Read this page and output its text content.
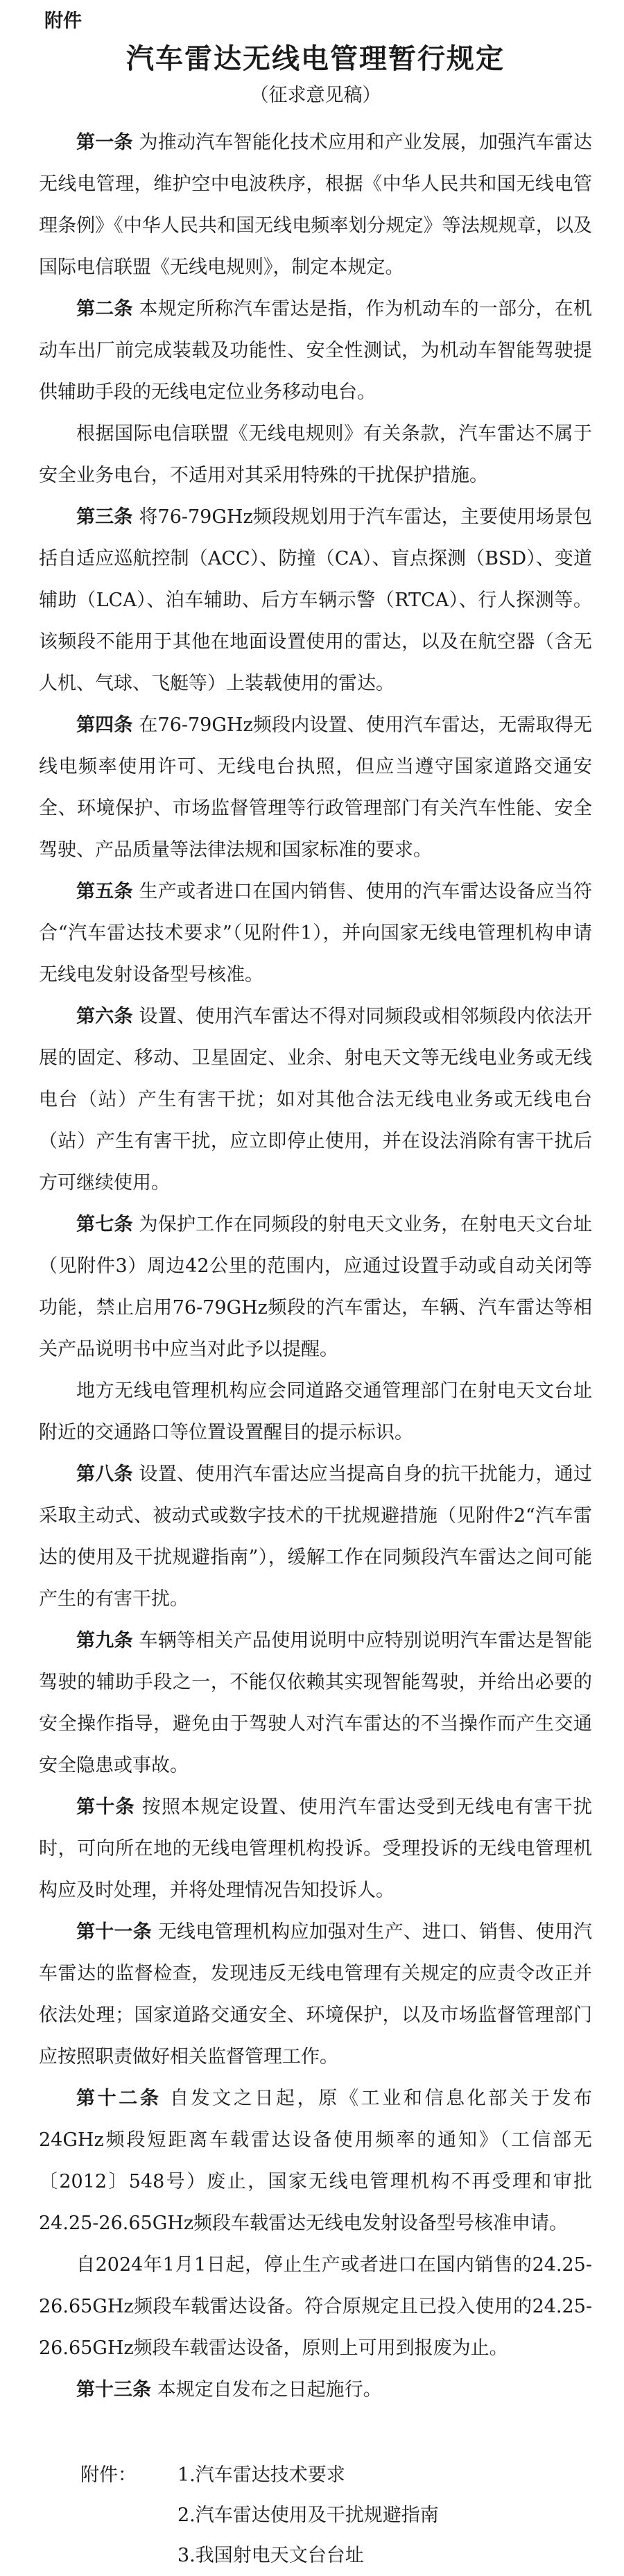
附件
汽车雷达无线电管理暂行规定
（征求意见稿）

第一条 为推动汽车智能化技术应用和产业发展，加强汽车雷达无线电管理，维护空中电波秩序，根据《中华人民共和国无线电管理条例》《中华人民共和国无线电频率划分规定》等法规规章，以及国际电信联盟《无线电规则》，制定本规定。

第二条 本规定所称汽车雷达是指，作为机动车的一部分，在机动车出厂前完成装载及功能性、安全性测试，为机动车智能驾驶提供辅助手段的无线电定位业务移动电台。

根据国际电信联盟《无线电规则》有关条款，汽车雷达不属于安全业务电台，不适用对其采用特殊的干扰保护措施。

第三条 将76-79GHz频段规划用于汽车雷达，主要使用场景包括自适应巡航控制（ACC）、防撞（CA）、盲点探测（BSD）、变道辅助（LCA）、泊车辅助、后方车辆示警（RTCA）、行人探测等。该频段不能用于其他在地面设置使用的雷达，以及在航空器（含无人机、气球、飞艇等）上装载使用的雷达。

第四条 在76-79GHz频段内设置、使用汽车雷达，无需取得无线电频率使用许可、无线电台执照，但应当遵守国家道路交通安全、环境保护、市场监督管理等行政管理部门有关汽车性能、安全驾驶、产品质量等法律法规和国家标准的要求。

第五条 生产或者进口在国内销售、使用的汽车雷达设备应当符合“汽车雷达技术要求”（见附件1），并向国家无线电管理机构申请无线电发射设备型号核准。

第六条 设置、使用汽车雷达不得对同频段或相邻频段内依法开展的固定、移动、卫星固定、业余、射电天文等无线电业务或无线电台（站）产生有害干扰；如对其他合法无线电业务或无线电台（站）产生有害干扰，应立即停止使用，并在设法消除有害干扰后方可继续使用。

第七条 为保护工作在同频段的射电天文业务，在射电天文台址（见附件3）周边42公里的范围内，应通过设置手动或自动关闭等功能，禁止启用76-79GHz频段的汽车雷达，车辆、汽车雷达等相关产品说明书中应当对此予以提醒。

地方无线电管理机构应会同道路交通管理部门在射电天文台址附近的交通路口等位置设置醒目的提示标识。

第八条 设置、使用汽车雷达应当提高自身的抗干扰能力，通过采取主动式、被动式或数字技术的干扰规避措施（见附件2“汽车雷达的使用及干扰规避指南”），缓解工作在同频段汽车雷达之间可能产生的有害干扰。

第九条 车辆等相关产品使用说明中应特别说明汽车雷达是智能驾驶的辅助手段之一，不能仅依赖其实现智能驾驶，并给出必要的安全操作指导，避免由于驾驶人对汽车雷达的不当操作而产生交通安全隐患或事故。

第十条 按照本规定设置、使用汽车雷达受到无线电有害干扰时，可向所在地的无线电管理机构投诉。受理投诉的无线电管理机构应及时处理，并将处理情况告知投诉人。

第十一条 无线电管理机构应加强对生产、进口、销售、使用汽车雷达的监督检查，发现违反无线电管理有关规定的应责令改正并依法处理；国家道路交通安全、环境保护，以及市场监督管理部门应按照职责做好相关监督管理工作。

第十二条 自发文之日起，原《工业和信息化部关于发布24GHz频段短距离车载雷达设备使用频率的通知》（工信部无〔2012〕548号）废止，国家无线电管理机构不再受理和审批24.25-26.65GHz频段车载雷达无线电发射设备型号核准申请。

自2024年1月1日起，停止生产或者进口在国内销售的24.25-26.65GHz频段车载雷达设备。符合原规定且已投入使用的24.25-26.65GHz频段车载雷达设备，原则上可用到报废为止。

第十三条 本规定自发布之日起施行。

附件：	1.汽车雷达技术要求
2.汽车雷达使用及干扰规避指南
3.我国射电天文台台址
